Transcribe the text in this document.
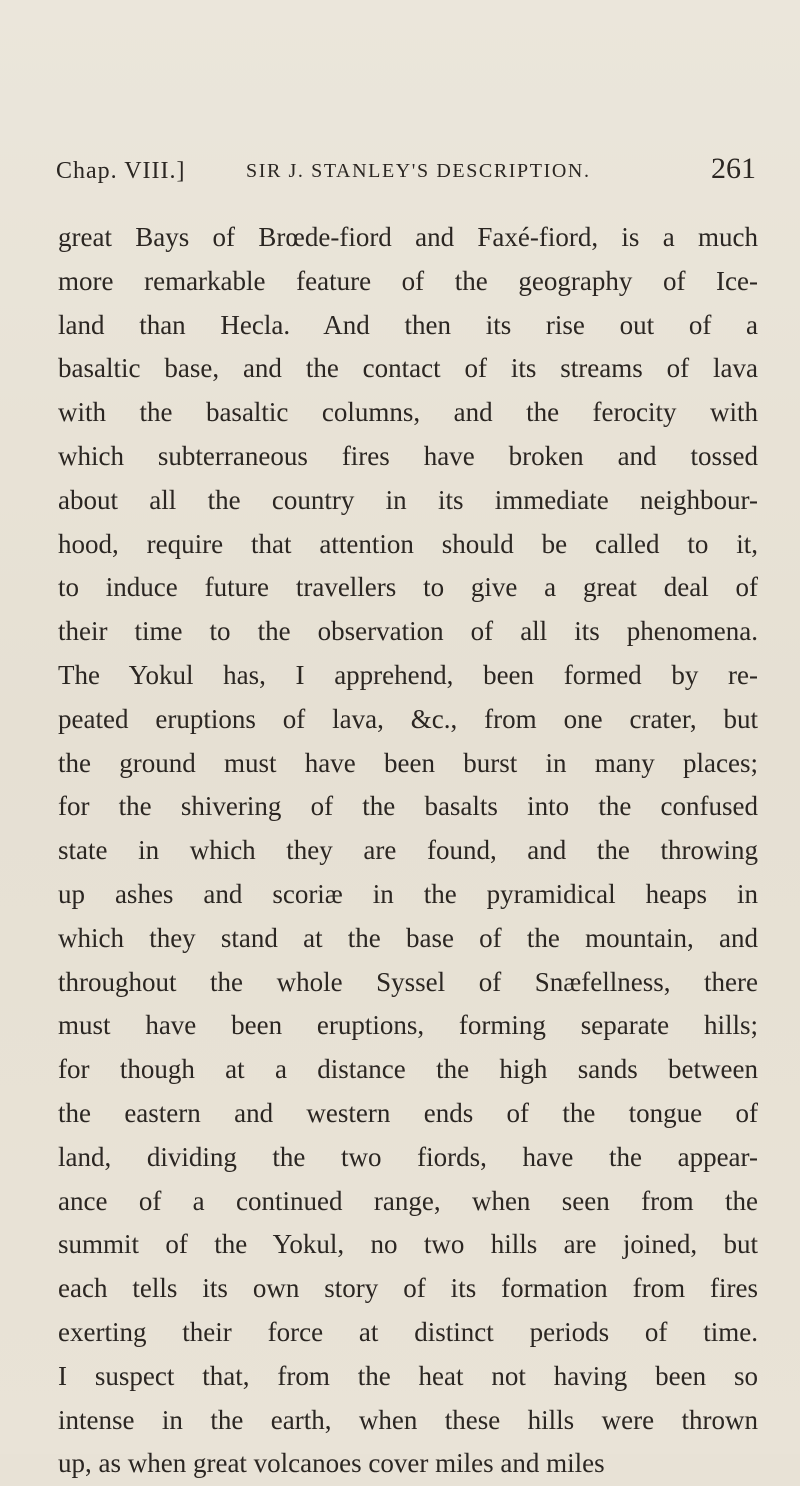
Chap. VIII.]	SIR J. STANLEY'S DESCRIPTION.	261
great Bays of Brœde-fiord and Faxé-fiord, is a much
more remarkable feature of the geography of Ice-
land than Hecla. And then its rise out of a
basaltic base, and the contact of its streams of lava
with the basaltic columns, and the ferocity with
which subterraneous fires have broken and tossed
about all the country in its immediate neighbour-
hood, require that attention should be called to it,
to induce future travellers to give a great deal of
their time to the observation of all its phenomena.
The Yokul has, I apprehend, been formed by re-
peated eruptions of lava, &c., from one crater, but
the ground must have been burst in many places;
for the shivering of the basalts into the confused
state in which they are found, and the throwing
up ashes and scoriæ in the pyramidical heaps in
which they stand at the base of the mountain, and
throughout the whole Syssel of Snæfellness, there
must have been eruptions, forming separate hills;
for though at a distance the high sands between
the eastern and western ends of the tongue of
land, dividing the two fiords, have the appear-
ance of a continued range, when seen from the
summit of the Yokul, no two hills are joined, but
each tells its own story of its formation from fires
exerting their force at distinct periods of time.
I suspect that, from the heat not having been so
intense in the earth, when these hills were thrown
up, as when great volcanoes cover miles and miles
